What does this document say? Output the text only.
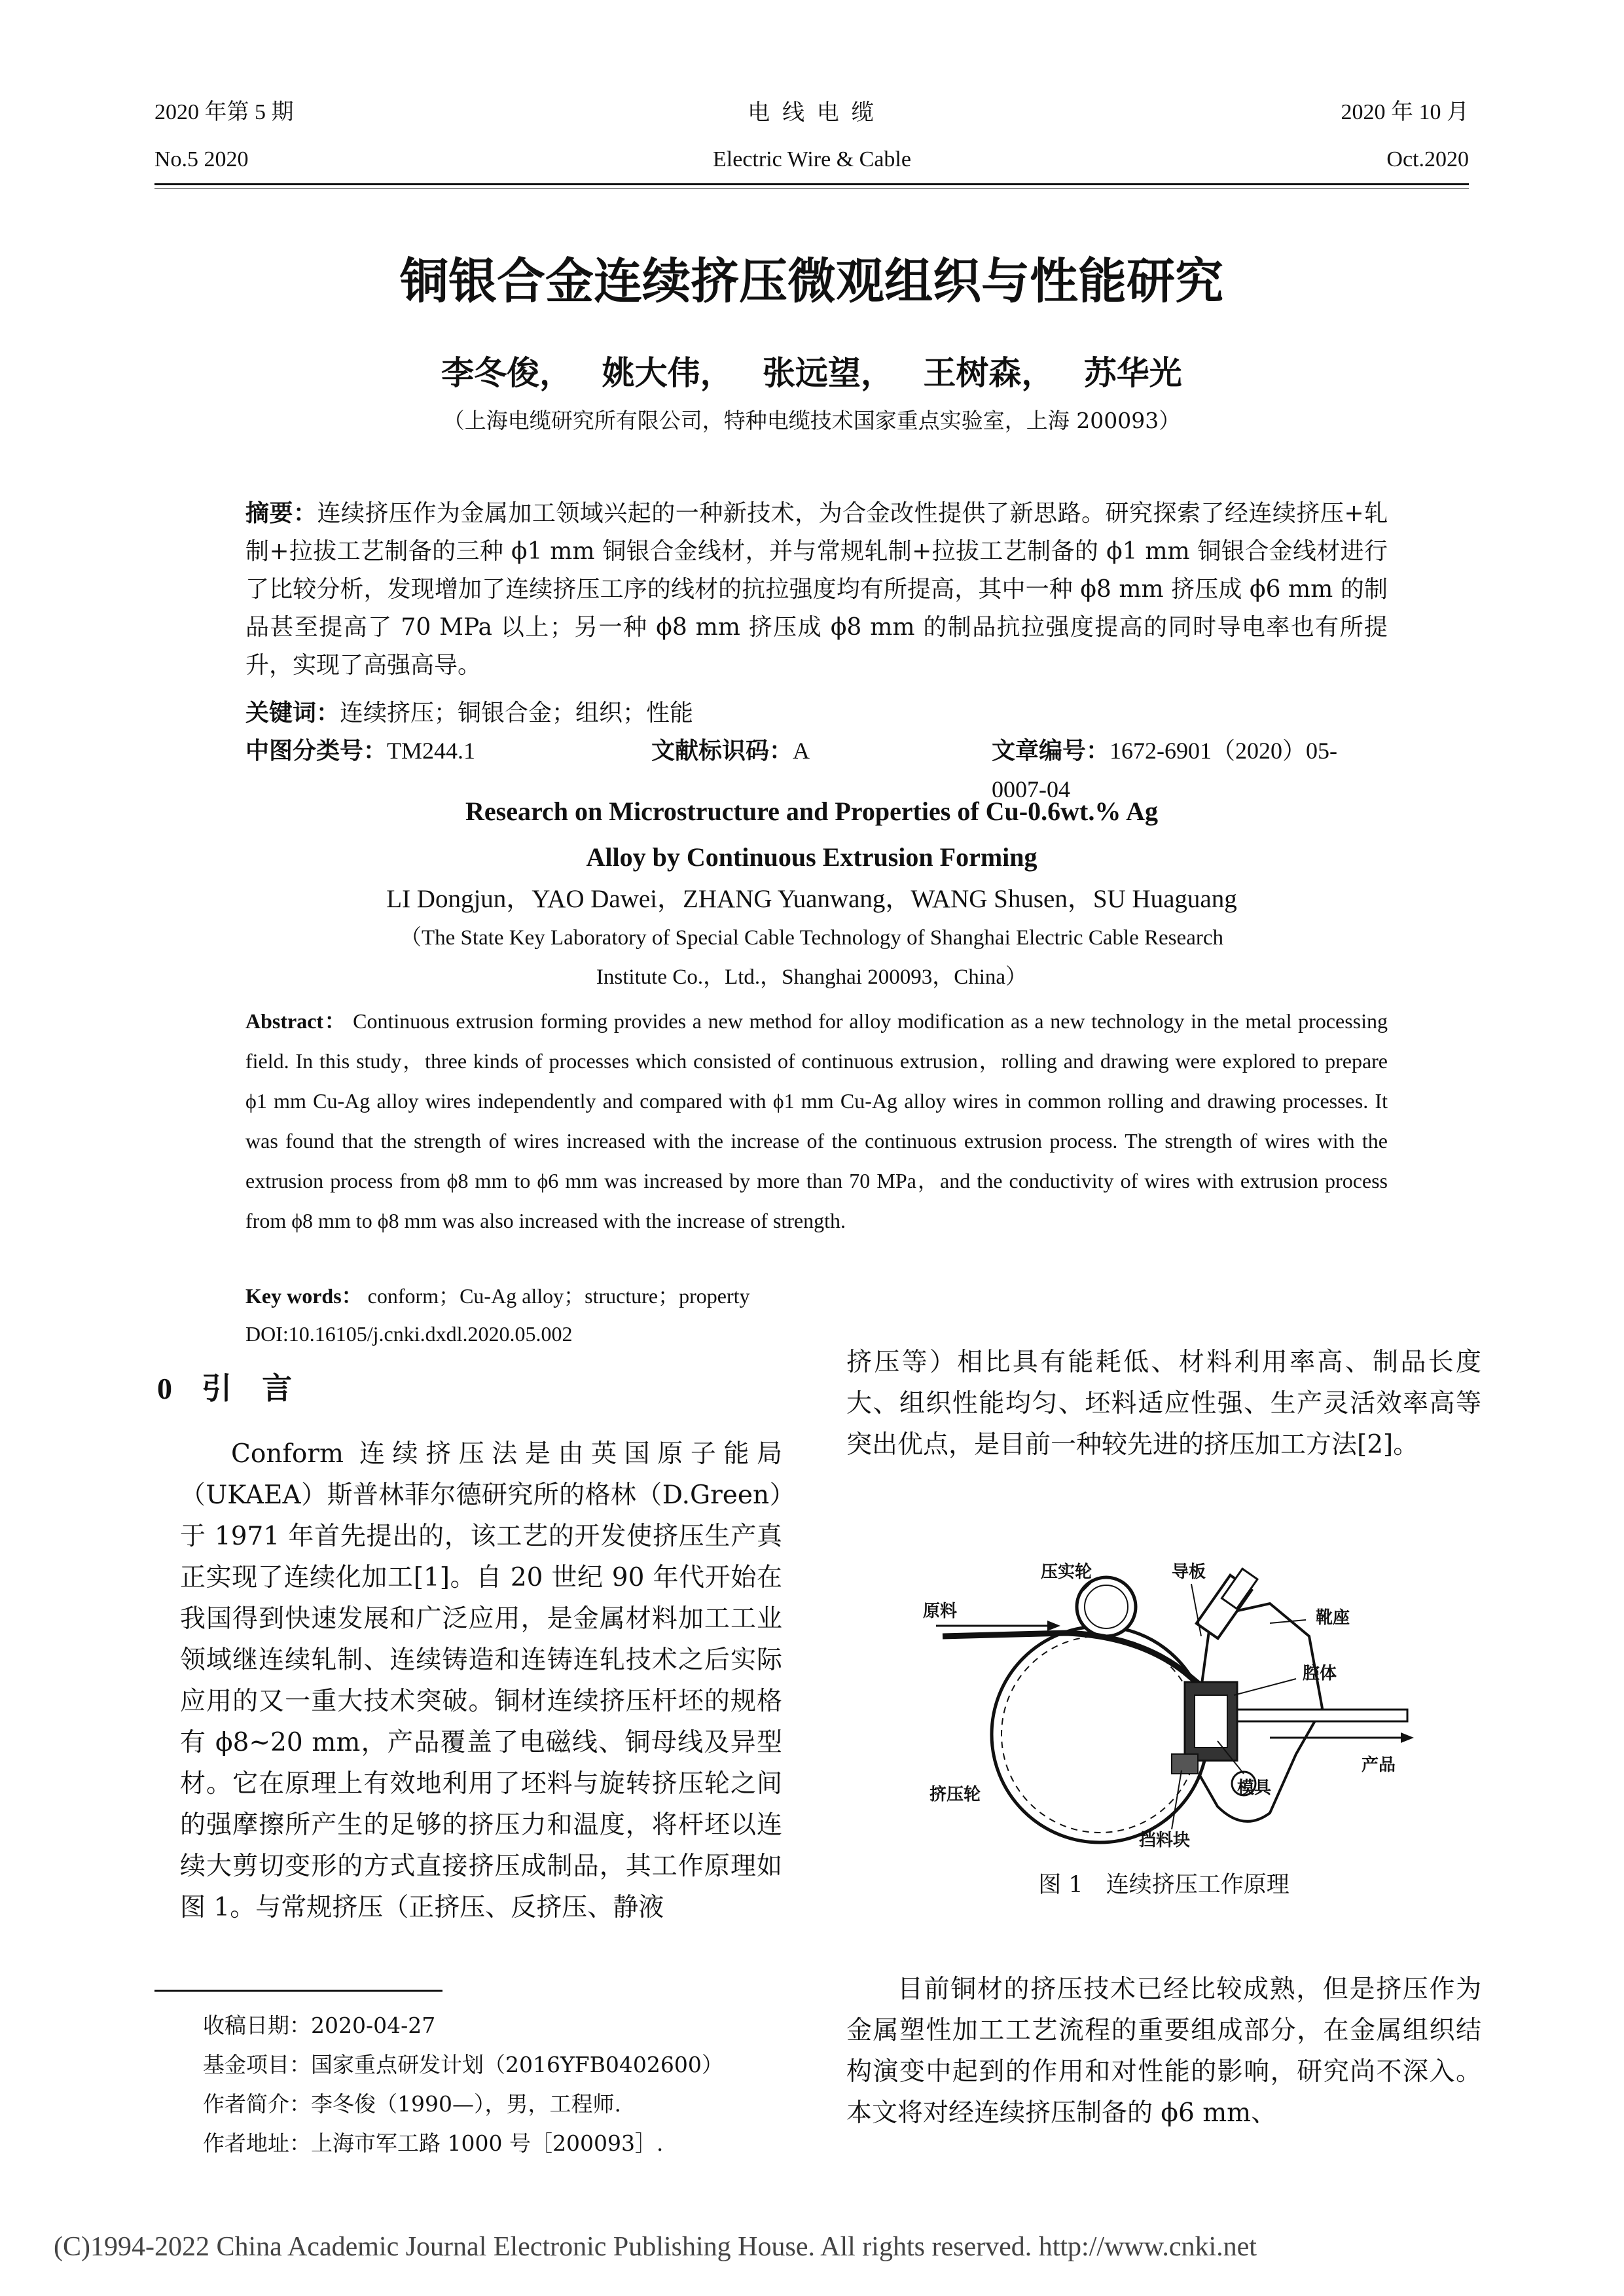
2020 年第 5 期
No.5 2020
电 线 电 缆
Electric Wire & Cable
2020 年 10 月
Oct.2020
铜银合金连续挤压微观组织与性能研究
李冬俊， 姚大伟， 张远望， 王树森， 苏华光
（上海电缆研究所有限公司，特种电缆技术国家重点实验室，上海 200093）
摘要：连续挤压作为金属加工领域兴起的一种新技术，为合金改性提供了新思路。研究探索了经连续挤压+轧制+拉拔工艺制备的三种 ϕ1 mm 铜银合金线材，并与常规轧制+拉拔工艺制备的 ϕ1 mm 铜银合金线材进行了比较分析，发现增加了连续挤压工序的线材的抗拉强度均有所提高，其中一种 ϕ8 mm 挤压成 ϕ6 mm 的制品甚至提高了 70 MPa 以上；另一种 ϕ8 mm 挤压成 ϕ8 mm 的制品抗拉强度提高的同时导电率也有所提升，实现了高强高导。
关键词：连续挤压；铜银合金；组织；性能
中图分类号：TM244.1	文献标识码：A	文章编号：1672-6901（2020）05-0007-04
Research on Microstructure and Properties of Cu-0.6wt.% Ag
Alloy by Continuous Extrusion Forming
LI Dongjun，YAO Dawei，ZHANG Yuanwang，WANG Shusen，SU Huaguang
（The State Key Laboratory of Special Cable Technology of Shanghai Electric Cable Research
Institute Co.，Ltd.，Shanghai 200093，China）
Abstract： Continuous extrusion forming provides a new method for alloy modification as a new technology in the metal processing field. In this study，three kinds of processes which consisted of continuous extrusion，rolling and drawing were explored to prepare ϕ1 mm Cu-Ag alloy wires independently and compared with ϕ1 mm Cu-Ag alloy wires in common rolling and drawing processes. It was found that the strength of wires increased with the increase of the continuous extrusion process. The strength of wires with the extrusion process from ϕ8 mm to ϕ6 mm was increased by more than 70 MPa，and the conductivity of wires with extrusion process from ϕ8 mm to ϕ8 mm was also increased with the increase of strength.
Key words： conform；Cu-Ag alloy；structure；property
DOI:10.16105/j.cnki.dxdl.2020.05.002
0 引　言

Conform 连续挤压法是由英国原子能局（UKAEA）斯普林菲尔德研究所的格林（D.Green）于 1971 年首先提出的，该工艺的开发使挤压生产真正实现了连续化加工[1]。自 20 世纪 90 年代开始在我国得到快速发展和广泛应用，是金属材料加工工业领域继连续轧制、连续铸造和连铸连轧技术之后实际应用的又一重大技术突破。铜材连续挤压杆坯的规格有 ϕ8~20 mm，产品覆盖了电磁线、铜母线及异型材。它在原理上有效地利用了坯料与旋转挤压轮之间的强摩擦所产生的足够的挤压力和温度，将杆坯以连续大剪切变形的方式直接挤压成制品，其工作原理如图 1。与常规挤压（正挤压、反挤压、静液

挤压等）相比具有能耗低、材料利用率高、制品长度大、组织性能均匀、坯料适应性强、生产灵活效率高等突出优点，是目前一种较先进的挤压加工方法[2]。

压实轮	导板
原料	靴座
腔体
产品
模具
挤压轮
挡料块
图 1　连续挤压工作原理

目前铜材的挤压技术已经比较成熟，但是挤压作为金属塑性加工工艺流程的重要组成部分，在金属组织结构演变中起到的作用和对性能的影响，研究尚不深入。本文将对经连续挤压制备的 ϕ6 mm、

收稿日期：2020-04-27
基金项目：国家重点研发计划（2016YFB0402600）
作者简介：李冬俊（1990—），男，工程师.
作者地址：上海市军工路 1000 号［200093］.
(C)1994-2022 China Academic Journal Electronic Publishing House. All rights reserved. http://www.cnki.net
